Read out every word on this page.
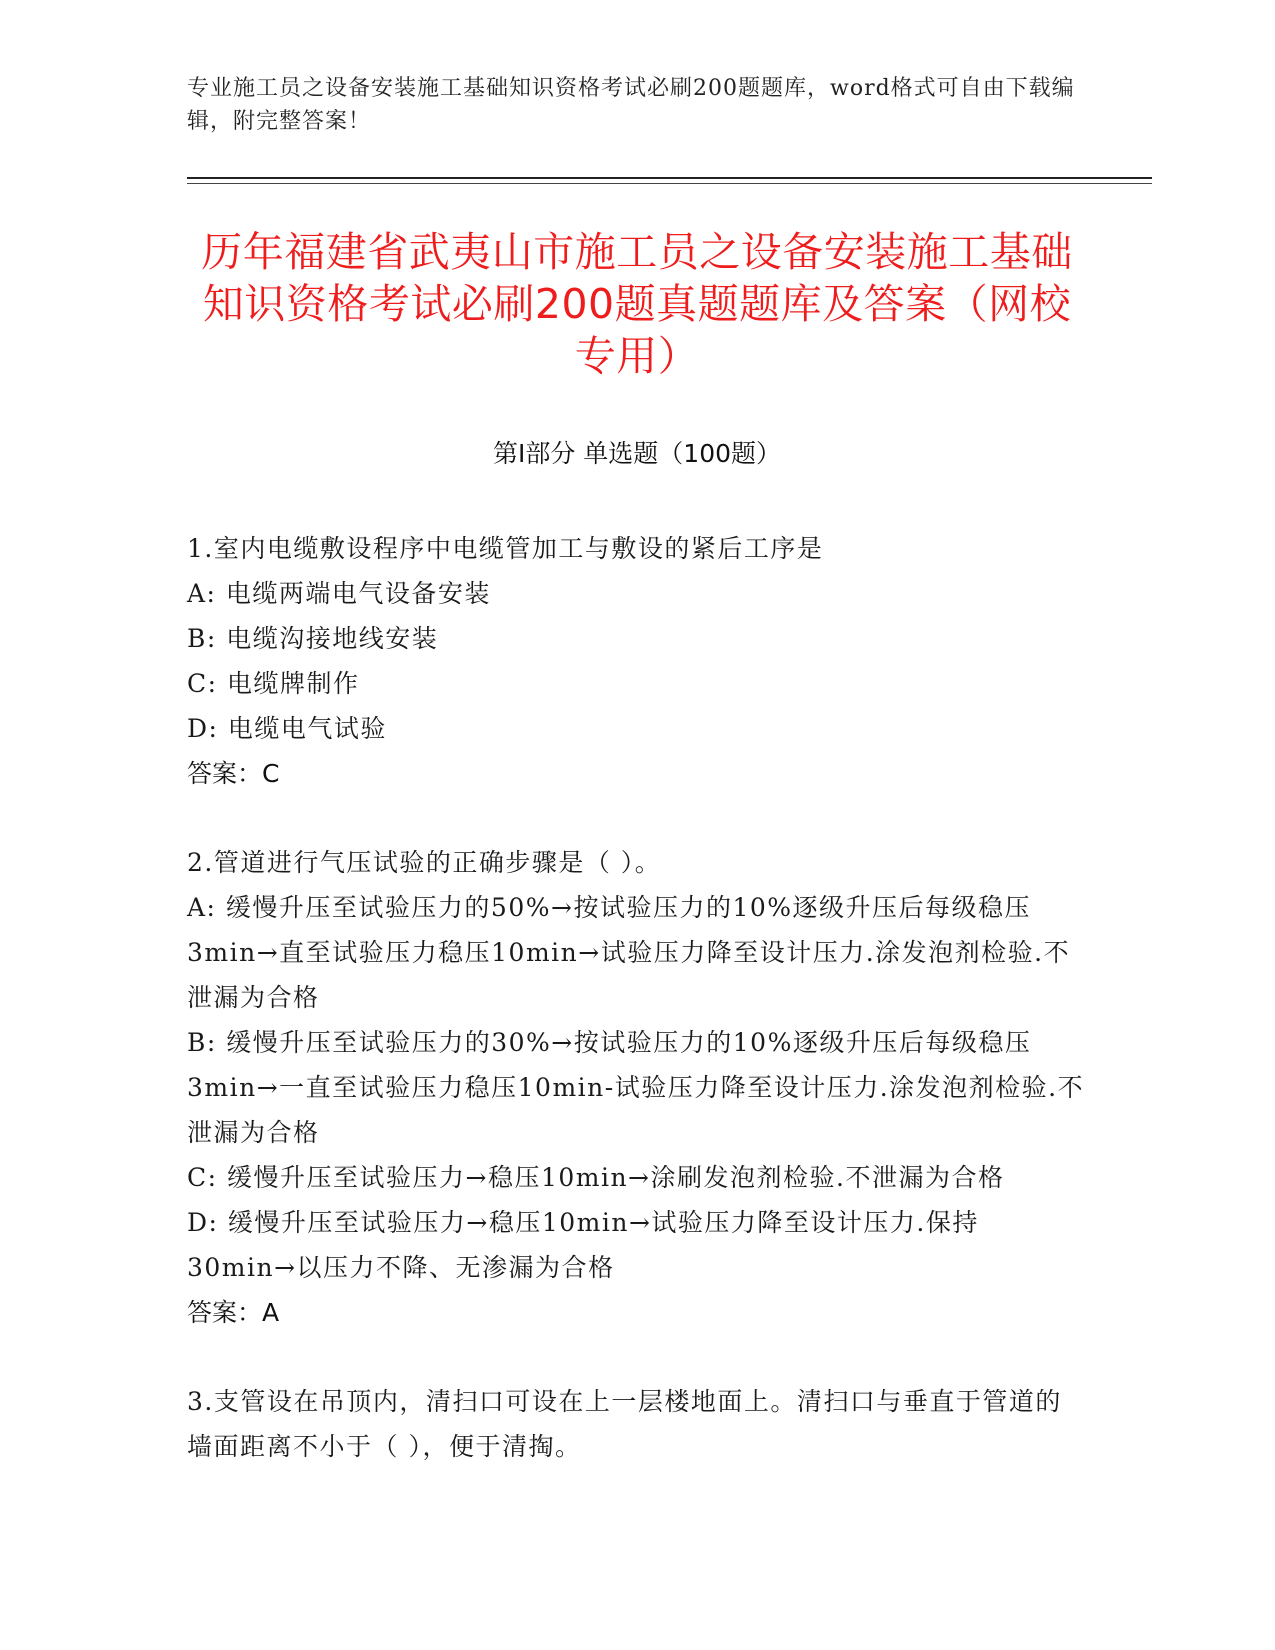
专业施工员之设备安装施工基础知识资格考试必刷200题题库，word格式可自由下载编辑，附完整答案！
历年福建省武夷山市施工员之设备安装施工基础知识资格考试必刷200题真题题库及答案（网校专用）
第Ⅰ部分 单选题（100题）
1.室内电缆敷设程序中电缆管加工与敷设的紧后工序是
A: 电缆两端电气设备安装
B: 电缆沟接地线安装
C: 电缆牌制作
D: 电缆电气试验
答案：C
2.管道进行气压试验的正确步骤是（ ）。
A: 缓慢升压至试验压力的50%→按试验压力的10%逐级升压后每级稳压3min→直至试验压力稳压10min→试验压力降至设计压力.涂发泡剂检验.不泄漏为合格
B: 缓慢升压至试验压力的30%→按试验压力的10%逐级升压后每级稳压3min→一直至试验压力稳压10min-试验压力降至设计压力.涂发泡剂检验.不泄漏为合格
C: 缓慢升压至试验压力→稳压10min→涂刷发泡剂检验.不泄漏为合格
D: 缓慢升压至试验压力→稳压10min→试验压力降至设计压力.保持30min→以压力不降、无渗漏为合格
答案：A
3.支管设在吊顶内，清扫口可设在上一层楼地面上。清扫口与垂直于管道的墙面距离不小于（ ），便于清掏。
